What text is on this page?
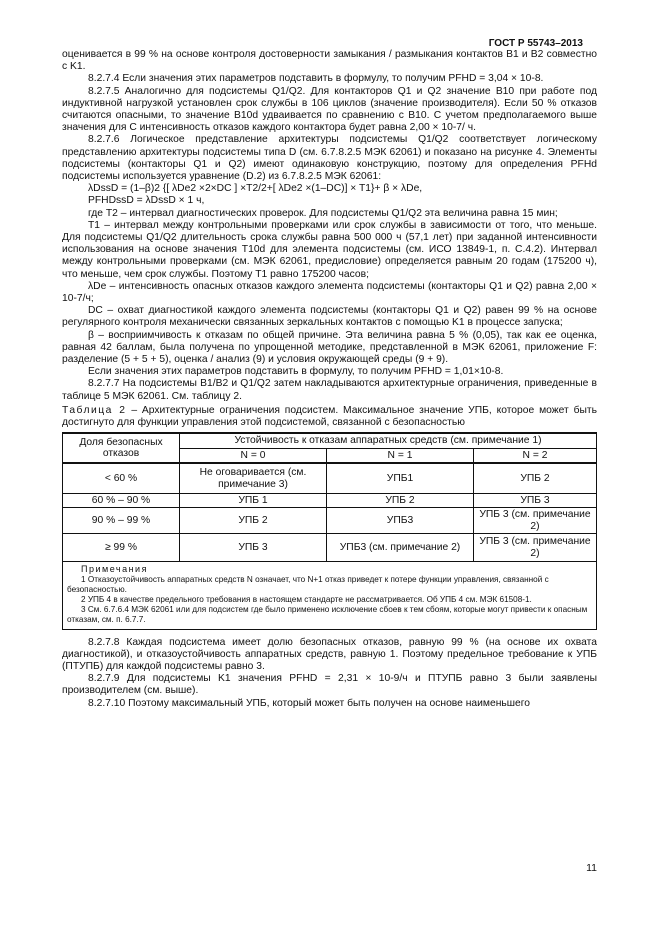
ГОСТ Р 55743–2013

оценивается в 99 % на основе контроля достоверности замыкания / размыкания контактов B1 и B2 совместно с K1.

8.2.7.4 Если значения этих параметров подставить в формулу, то получим PFHD = 3,04 × 10-8.

8.2.7.5 Аналогично для подсистемы Q1/Q2. Для контакторов Q1 и Q2 значение B10 при работе под индуктивной нагрузкой установлен срок службы в 106 циклов (значение производителя). Если 50 % отказов считаются опасными, то значение B10d удваивается по сравнению с B10. С учетом предполагаемого выше значения для C интенсивность отказов каждого контактора будет равна 2,00 × 10-7/ ч.

8.2.7.6 Логическое представление архитектуры подсистемы Q1/Q2 соответствует логическому представлению архитектуры подсистемы типа D (см. 6.7.8.2.5 МЭК 62061) и показано на рисунке 4. Элементы подсистемы (контакторы Q1 и Q2) имеют одинаковую конструкцию, поэтому для определения PFHd подсистемы используется уравнение (D.2) из 6.7.8.2.5 МЭК 62061:

λDssD = (1–β)2 {[ λDe2 ×2×DC ] ×T2/2+[ λDe2 ×(1–DC)] × T1}+ β × λDe,

PFHDssD = λDssD × 1 ч,

где T2 – интервал диагностических проверок. Для подсистемы Q1/Q2 эта величина равна 15 мин;

T1 – интервал между контрольными проверками или срок службы в зависимости от того, что меньше. Для подсистемы Q1/Q2 длительность срока службы равна 500 000 ч (57,1 лет) при заданной интенсивности использования на основе значения T10d для элемента подсистемы (см. ИСО 13849-1, п. С.4.2). Интервал между контрольными проверками (см. МЭК 62061, предисловие) определяется равным 20 годам (175200 ч), что меньше, чем срок службы. Поэтому T1 равно 175200 часов;

λDe – интенсивность опасных отказов каждого элемента подсистемы (контакторы Q1 и Q2) равна 2,00 × 10-7/ч;

DC – охват диагностикой каждого элемента подсистемы (контакторы Q1 и Q2) равен 99 % на основе регулярного контроля механически связанных зеркальных контактов с помощью K1 в процессе запуска;

β – восприимчивость к отказам по общей причине. Эта величина равна 5 % (0,05), так как ее оценка, равная 42 баллам, была получена по упрощенной методике, представленной в МЭК 62061, приложение F: разделение (5 + 5 + 5), оценка / анализ (9) и условия окружающей среды (9 + 9).

Если значения этих параметров подставить в формулу, то получим PFHD = 1,01×10-8.

8.2.7.7 На подсистемы B1/B2 и Q1/Q2 затем накладываются архитектурные ограничения, приведенные в таблице 5 МЭК 62061. См. таблицу 2.

Таблица 2 – Архитектурные ограничения подсистем. Максимальное значение УПБ, которое может быть достигнуто для функции управления этой подсистемой, связанной с безопасностью

Доля безопасных отказов	Устойчивость к отказам аппаратных средств (см. примечание 1)		
	N = 0	N = 1	N = 2
< 60 %	Не оговаривается (см. примечание 3)	УПБ1	УПБ 2
60 % – 90 %	УПБ 1	УПБ 2	УПБ 3
90 % – 99 %	УПБ 2	УПБ3	УПБ 3 (см. примечание 2)
≥ 99 %	УПБ 3	УПБ3 (см. примечание 2)	УПБ 3 (см. примечание 2)

Примечания
1 Отказоустойчивость аппаратных средств N означает, что N+1 отказ приведет к потере функции управления, связанной с безопасностью.
2 УПБ 4 в качестве предельного требования в настоящем стандарте не рассматривается. Об УПБ 4 см. МЭК 61508-1.
3 См. 6.7.6.4 МЭК 62061 или для подсистем где было применено исключение сбоев к тем сбоям, которые могут привести к опасным отказам, см. п. 6.7.7.			

8.2.7.8 Каждая подсистема имеет долю безопасных отказов, равную 99 % (на основе их охвата диагностикой), и отказоустойчивость аппаратных средств, равную 1. Поэтому предельное требование к УПБ (ПТУПБ) для каждой подсистемы равно 3.

8.2.7.9 Для подсистемы K1 значения PFHD = 2,31 × 10-9/ч и ПТУПБ равно 3 были заявлены производителем (см. выше).

8.2.7.10 Поэтому максимальный УПБ, который может быть получен на основе наименьшего

11
